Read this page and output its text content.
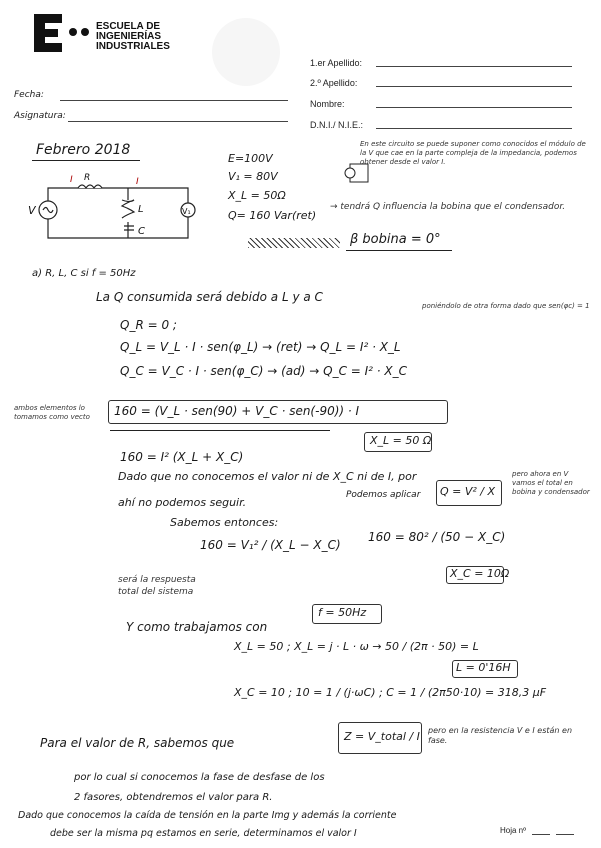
ESCUELA DE
INGENIERÍAS
INDUSTRIALES
Fecha:
Asignatura:
1.er Apellido:
2.º Apellido:
Nombre:
D.N.I./ N.I.E.:
Febrero 2018
V
R
I	I
L
C
V₁
E=100V
V₁ = 80V
X_L = 50Ω
Q= 160 Var(ret)
→ tendrá Q influencia la bobina que el condensador.
β bobina = 0°
En este circuito se puede suponer como conocidos el módulo de la V que cae en la parte compleja de la impedancia, podemos obtener desde el valor I.
a) R, L, C si f = 50Hz
La Q consumida será debido a L y a C
poniéndolo de otra forma dado que sen(φc) = 1
Q_R = 0 ;
Q_L = V_L · I · sen(φ_L) → (ret) → Q_L = I² · X_L
Q_C = V_C · I · sen(φ_C) → (ad) → Q_C = I² · X_C
ambos elementos lo tomamos como vecto	160 = (V_L · sen(90) + V_C · sen(-90)) · I
160 = I² (X_L + X_C)
X_L = 50 Ω
Dado que no conocemos el valor ni de X_C ni de I, por
ahí no podemos seguir.
Podemos aplicar Q = V² / X
pero ahora en V vamos el total en bobina y condensador
Sabemos entonces:
160 = V₁² / (X_L − X_C)
160 = 80² / (50 − X_C)
X_C = 10Ω
será la respuesta total del sistema
Y como trabajamos con
f = 50Hz
X_L = 50 ; X_L = j · L · ω → 50 / (2π · 50) = L
L = 0'16H
X_C = 10 ; 10 = 1 / (j·ωC) ; C = 1 / (2π50·10) = 318,3 μF
Para el valor de R, sabemos que	Z = V_total / I pero en la resistencia V e I están en fase.
por lo cual si conocemos la fase de desfase de los
2 fasores, obtendremos el valor para R.
Dado que conocemos la caída de tensión en la parte Img y además la corriente
debe ser la misma pq estamos en serie, determinamos el valor I	Hoja nº
